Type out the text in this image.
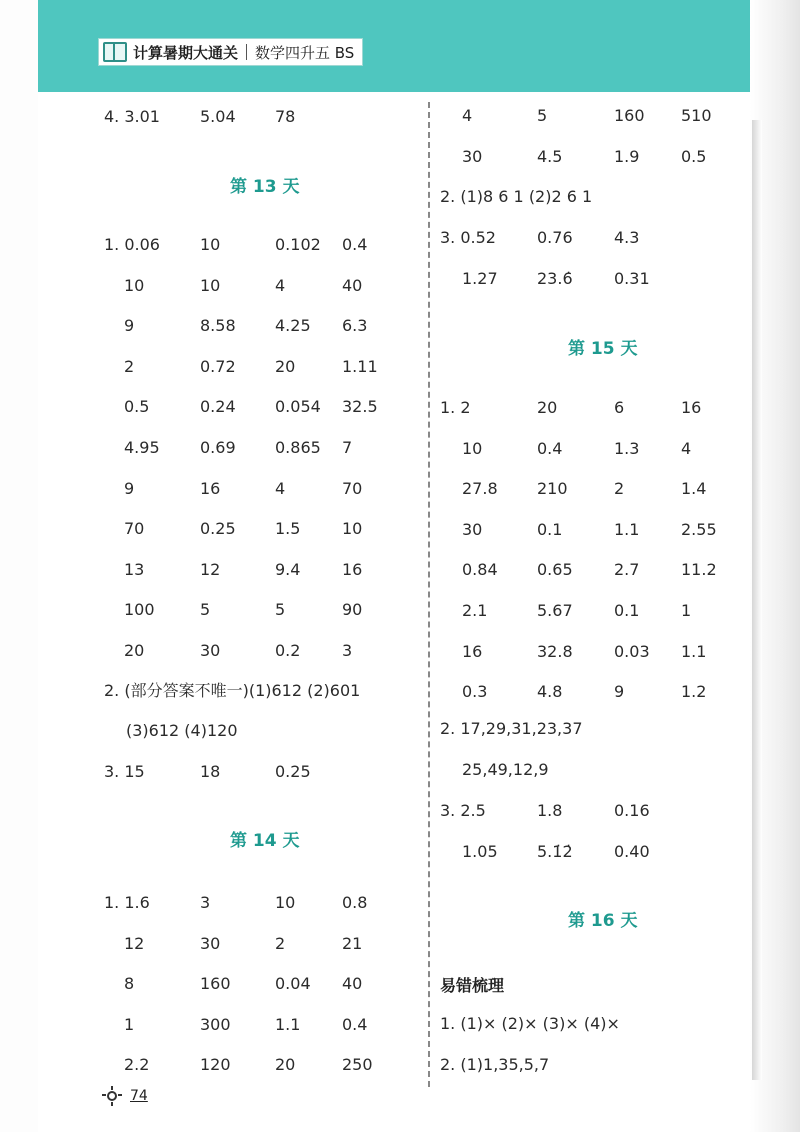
计算暑期大通关 数学四升五 BS
4. 3.01	5.04 78
第 13 天
1. 0.06	10	0.102 0.4
10	10	4	40
9	8.58 4.25 6.3
2	0.72 20	1.11
0.5	0.24 0.054 32.5
4.95	0.69 0.865 7
9	16	4	70
70	0.25 1.5	10
13	12	9.4	16
100	5	5	90
20	30	0.2	3
2. (部分答案不唯一)(1)612 (2)601
(3)612 (4)120
3. 15	18	0.25
第 14 天
1. 1.6	3	10	0.8
12	30	2	21
8	160	0.04 40
1	300	1.1	0.4
2.2	120	20	250
4	5	160 510
30	4.5	1.9	0.5
2. (1)8 6 1 (2)2 6 1
3. 0.52	0.76	4.3
1.27 23.6̇	0.31
第 15 天
1. 2	20	6	16
10	0.4	1.3	4
27.8 210	2	1.4
30	0.1	1.1	2.55
0.84 0.65	2.7	11.2
2.1	5.67	0.1	1
16	32.8	0.03 1.1
0.3	4.8	9	1.2
2. 17,29,31,23,37
25,49,12,9
3. 2.5	1.8	0.16
1.05 5.1̇2̇	0.40
第 16 天
易错梳理
1. (1)× (2)× (3)× (4)×
2. (1)1,35,5,7
74
